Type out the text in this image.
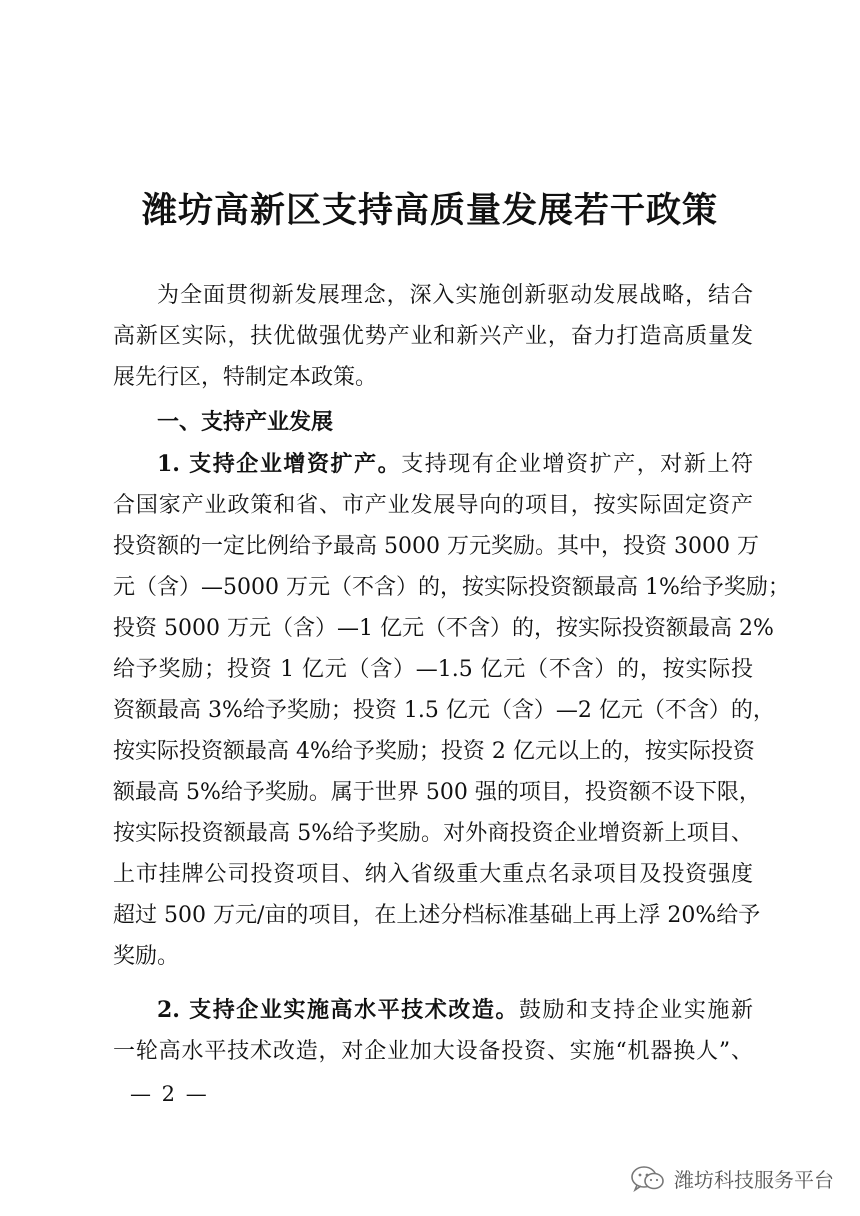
潍坊高新区支持高质量发展若干政策

为全面贯彻新发展理念，深入实施创新驱动发展战略，结合
高新区实际，扶优做强优势产业和新兴产业，奋力打造高质量发
展先行区，特制定本政策。

一、支持产业发展

1. 支持企业增资扩产。支持现有企业增资扩产，对新上符
合国家产业政策和省、市产业发展导向的项目，按实际固定资产
投资额的一定比例给予最高 5000 万元奖励。其中，投资 3000 万
元（含）—5000 万元（不含）的，按实际投资额最高 1%给予奖励；
投资 5000 万元（含）—1 亿元（不含）的，按实际投资额最高 2%
给予奖励；投资 1 亿元（含）—1.5 亿元（不含）的，按实际投
资额最高 3%给予奖励；投资 1.5 亿元（含）—2 亿元（不含）的，
按实际投资额最高 4%给予奖励；投资 2 亿元以上的，按实际投资
额最高 5%给予奖励。属于世界 500 强的项目，投资额不设下限，
按实际投资额最高 5%给予奖励。对外商投资企业增资新上项目、
上市挂牌公司投资项目、纳入省级重大重点名录项目及投资强度
超过 500 万元/亩的项目，在上述分档标准基础上再上浮 20%给予
奖励。

2. 支持企业实施高水平技术改造。鼓励和支持企业实施新
一轮高水平技术改造，对企业加大设备投资、实施“机器换人”、

— 2 —
潍坊科技服务平台
